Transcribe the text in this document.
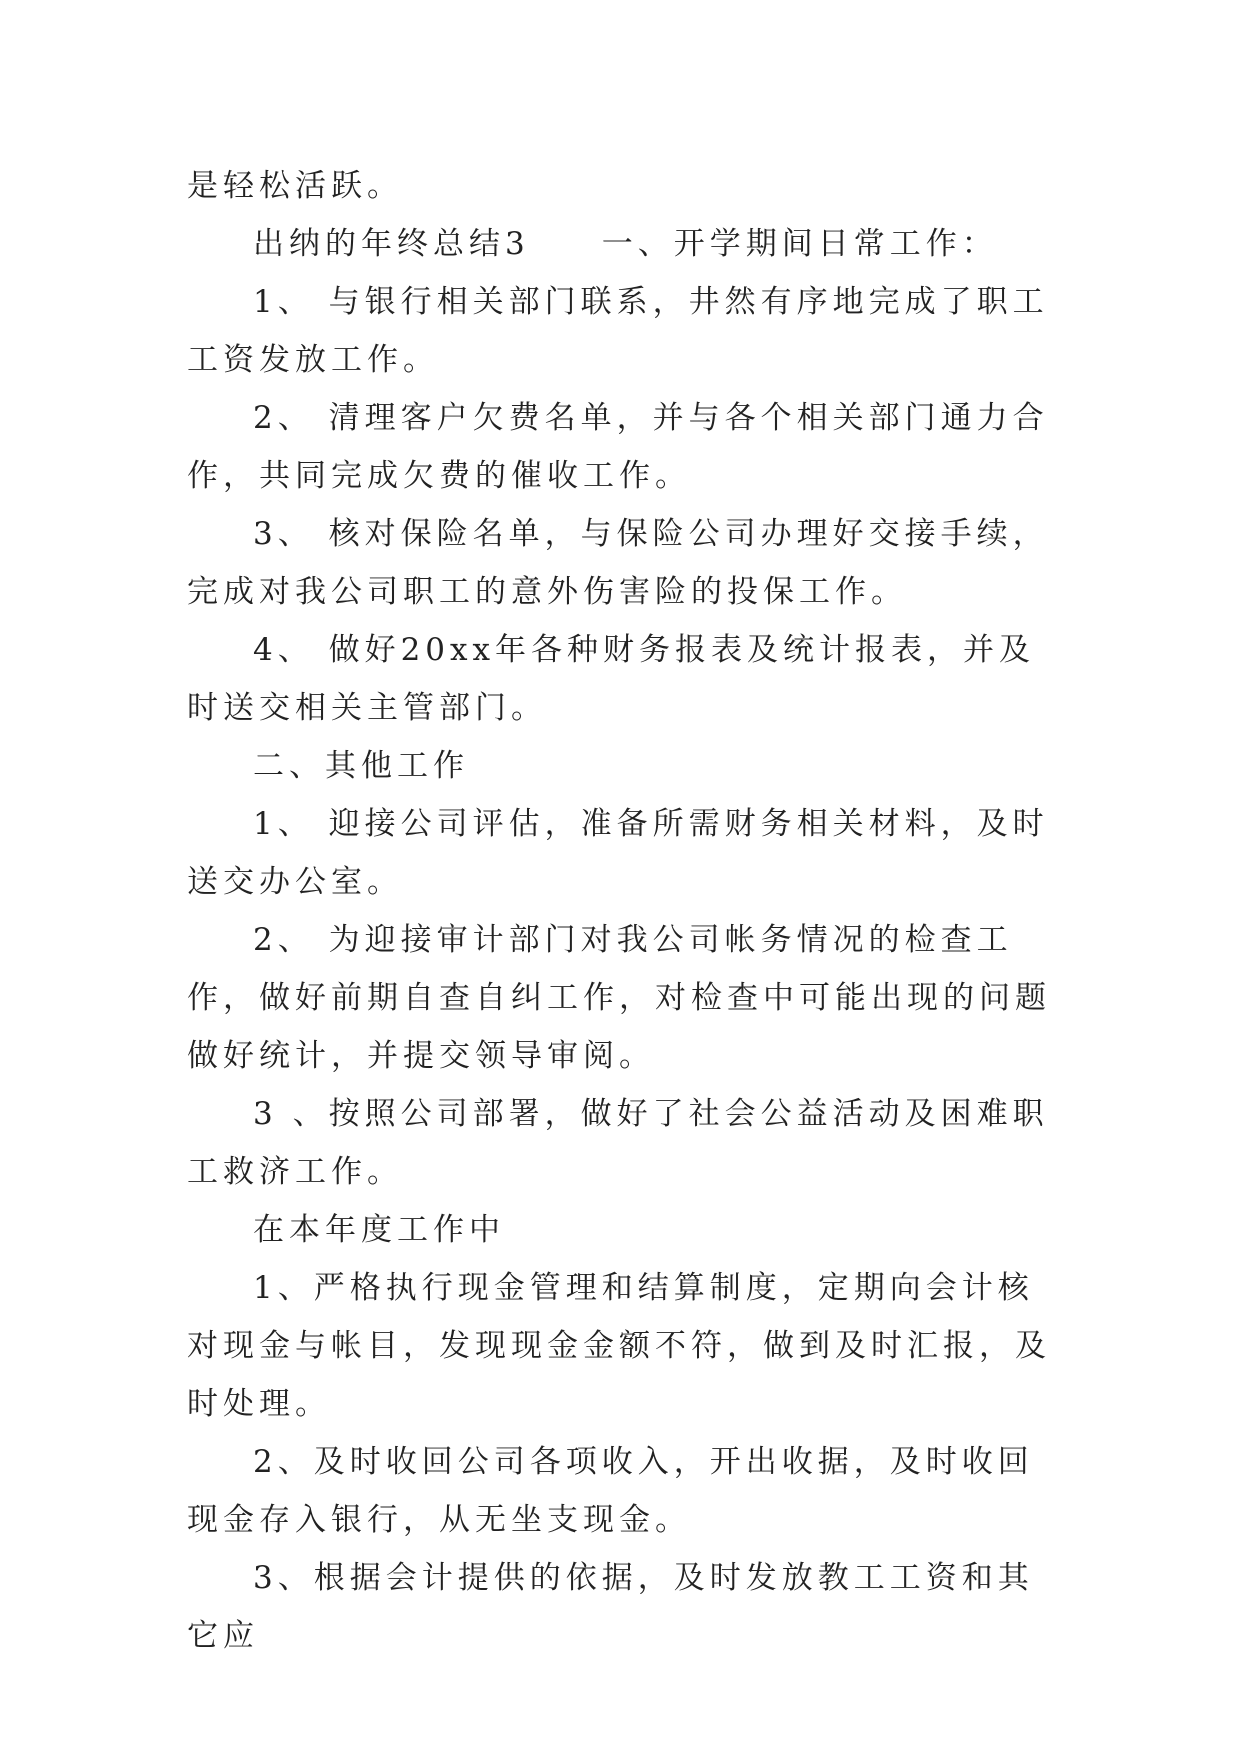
是轻松活跃。

出纳的年终总结3　　一、开学期间日常工作：

1、 与银行相关部门联系，井然有序地完成了职工工资发放工作。

2、 清理客户欠费名单，并与各个相关部门通力合作，共同完成欠费的催收工作。

3、 核对保险名单，与保险公司办理好交接手续，完成对我公司职工的意外伤害险的投保工作。

4、 做好20xx年各种财务报表及统计报表，并及时送交相关主管部门。

二、其他工作

1、 迎接公司评估，准备所需财务相关材料，及时送交办公室。

2、 为迎接审计部门对我公司帐务情况的检查工作，做好前期自查自纠工作，对检查中可能出现的问题做好统计，并提交领导审阅。

3 、按照公司部署，做好了社会公益活动及困难职工救济工作。

在本年度工作中

1、严格执行现金管理和结算制度，定期向会计核对现金与帐目，发现现金金额不符，做到及时汇报，及时处理。

2、及时收回公司各项收入，开出收据，及时收回现金存入银行，从无坐支现金。

3、根据会计提供的依据，及时发放教工工资和其它应
